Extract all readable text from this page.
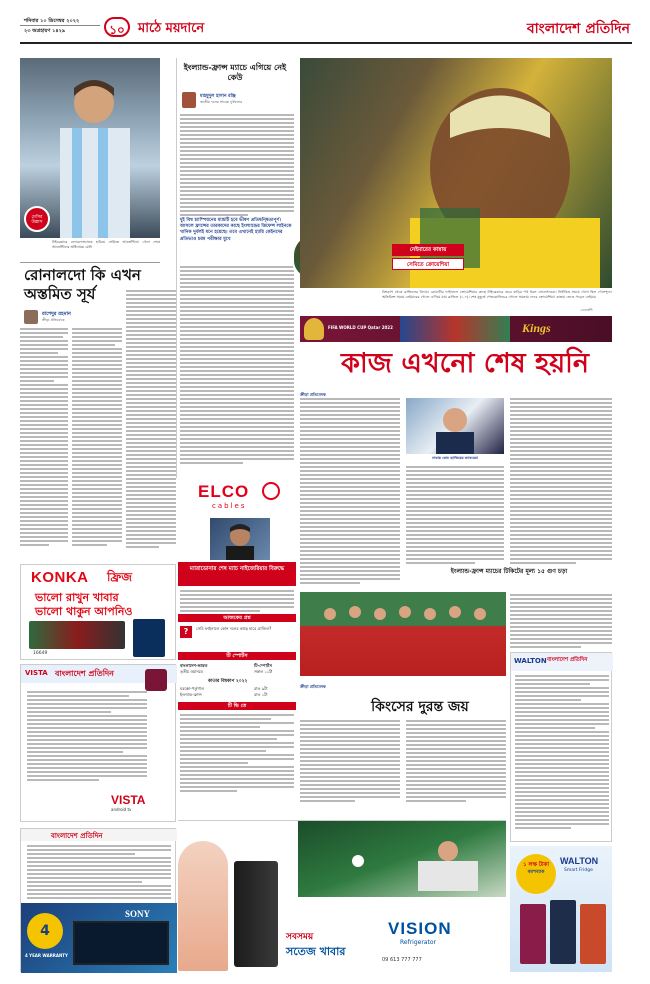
শনিবার ১০ ডিসেম্বর ২০২২
২৩ অগ্রহায়ণ ১৪২৯	১০	মাঠে ময়দানে	বাংলাদেশ প্রতিদিন
মেসির উল্লাস
টাইব্রেকারে নেদারল্যান্ডসকে হারিয়ে সেমিতে আর্জেন্টিনা। খেলা শেষে আর্জেন্টিনার অধিনায়ক মেসি
রোনালদো কি এখন অস্তমিত সূর্য
রাশেদুর রহমান
ক্রীড়া প্রতিবেদক
KONKA ফ্রিজ
ভালো রাখুন খাবার
ভালো থাকুন আপনিও
16649
VISTA বাংলাদেশ প্রতিদিন
VISTA
android tv
বাংলাদেশ প্রতিদিন
4
4 YEAR WARRANTY
SONY
ইংল্যান্ড-ফ্রান্স ম্যাচে এগিয়ে নেই কেউ
মাহমুদুল হাসান রঞ্জি
জাতীয় দলের সাবেক ফুটবলার
দুই বিশ্ব চ্যাম্পিয়নের ম্যাচটি হবে ভীষণ প্রতিদ্বন্দ্বিতাপূর্ণ। আসলে ফ্রান্সের তারকাদের কাছে ইংল্যান্ডের ডিফেন্স লাইনকে খানিক দুর্বলই মনে হয়েছে। তবে এখানেই হ্যারি কেইনদের প্রতিভাও চরম পরীক্ষার মুখে
নেইমারের কান্নায়
সেমিতে ক্রোয়েশিয়া
বিশ্বকাপ থেকে ব্রাজিলের বিদায়। কোয়ার্টার ফাইনালে ক্রোয়েশিয়ার কাছে টাইব্রেকারে হেরে বাড়ির পথ ধরল সেলেসাওরা। নির্ধারিত সময়ে খেলা ছিল গোলশূন্য। অতিরিক্ত সময়ে নেইমারের গোলে এগিয়ে যায় ব্রাজিল (১-০)। শেষ মুহূর্তে পেতকোভিচের গোলে সমতায় ফেরে ক্রোয়েশিয়া। কান্নায় ভেঙে পড়েন নেইমার
-এএফপি
FIFA WORLD CUP Qatar 2022	Kings
কাজ এখনো শেষ হয়নি
ক্রীড়া প্রতিবেদক
ঢাকায় কোচ হ্যাভিয়ের ক্যাবরেরা
ইংল্যান্ড-ফ্রান্স ম্যাচের টিকিটের মূল্য ১৫ গুণ চড়া
ELCO
cables
ম্যারাডোনার শেষ ম্যাচ নাইজেরিয়ার বিরুদ্ধে
আজকের প্রশ্ন
?	সেমি ফাইনালে কোন দলের কাছে হারে ব্রাজিল?
টি স্পোর্টস
বাংলাদেশ-ভারত
তৃতীয় ওয়ানডে
টি-স্পোর্টস
সকাল ১১টা
কাতার বিশ্বকাপ ২০২২
মরক্কো-পর্তুগাল	রাত ৯টা
ইংল্যান্ড-ফ্রান্স	রাত ১টা
টি ভি তে
ক্রীড়া প্রতিবেদক
কিংসের দুরন্ত জয়
WALTON বাংলাদেশ প্রতিদিন
WALTON
Smart Fridge
১ লক্ষ টাকা
ক্যাশব্যাক
সবসময়
সতেজ খাবার
VISION
Refrigerator
09 613 777 777
